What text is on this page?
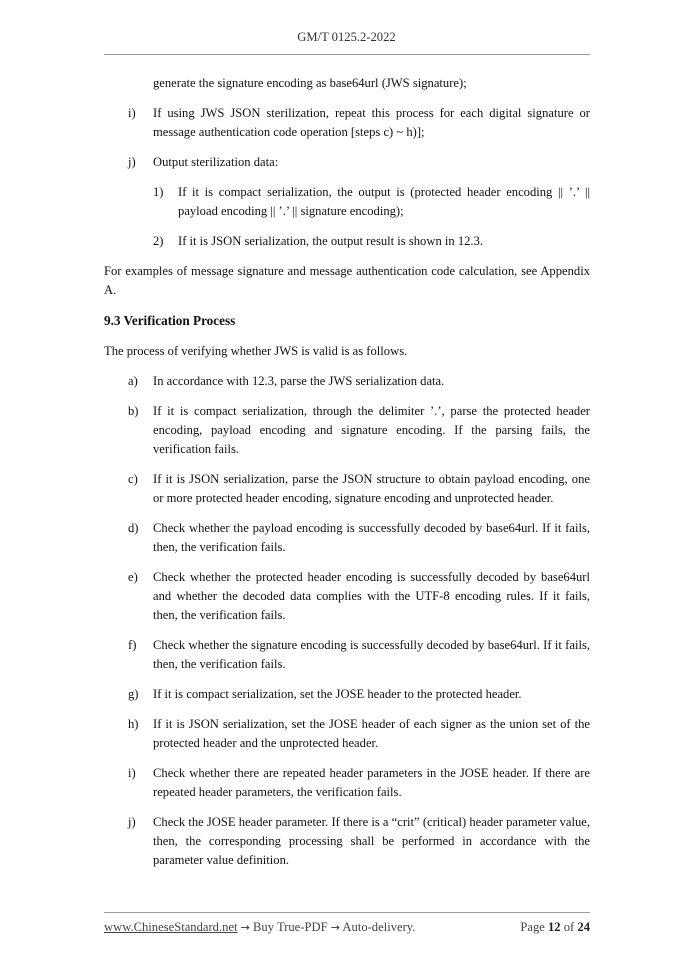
GM/T 0125.2-2022
generate the signature encoding as base64url (JWS signature);
i)	If using JWS JSON sterilization, repeat this process for each digital signature or message authentication code operation [steps c) ~ h)];
j)	Output sterilization data:
1)	If it is compact serialization, the output is (protected header encoding || ’.’ || payload encoding || ’.’ || signature encoding);
2)	If it is JSON serialization, the output result is shown in 12.3.
For examples of message signature and message authentication code calculation, see Appendix A.
9.3 Verification Process
The process of verifying whether JWS is valid is as follows.
a)	In accordance with 12.3, parse the JWS serialization data.
b)	If it is compact serialization, through the delimiter ’.’, parse the protected header encoding, payload encoding and signature encoding. If the parsing fails, the verification fails.
c)	If it is JSON serialization, parse the JSON structure to obtain payload encoding, one or more protected header encoding, signature encoding and unprotected header.
d)	Check whether the payload encoding is successfully decoded by base64url. If it fails, then, the verification fails.
e)	Check whether the protected header encoding is successfully decoded by base64url and whether the decoded data complies with the UTF-8 encoding rules. If it fails, then, the verification fails.
f)	Check whether the signature encoding is successfully decoded by base64url. If it fails, then, the verification fails.
g)	If it is compact serialization, set the JOSE header to the protected header.
h)	If it is JSON serialization, set the JOSE header of each signer as the union set of the protected header and the unprotected header.
i)	Check whether there are repeated header parameters in the JOSE header. If there are repeated header parameters, the verification fails.
j)	Check the JOSE header parameter. If there is a “crit” (critical) header parameter value, then, the corresponding processing shall be performed in accordance with the parameter value definition.
www.ChineseStandard.net → Buy True-PDF → Auto-delivery.	Page 12 of 24
